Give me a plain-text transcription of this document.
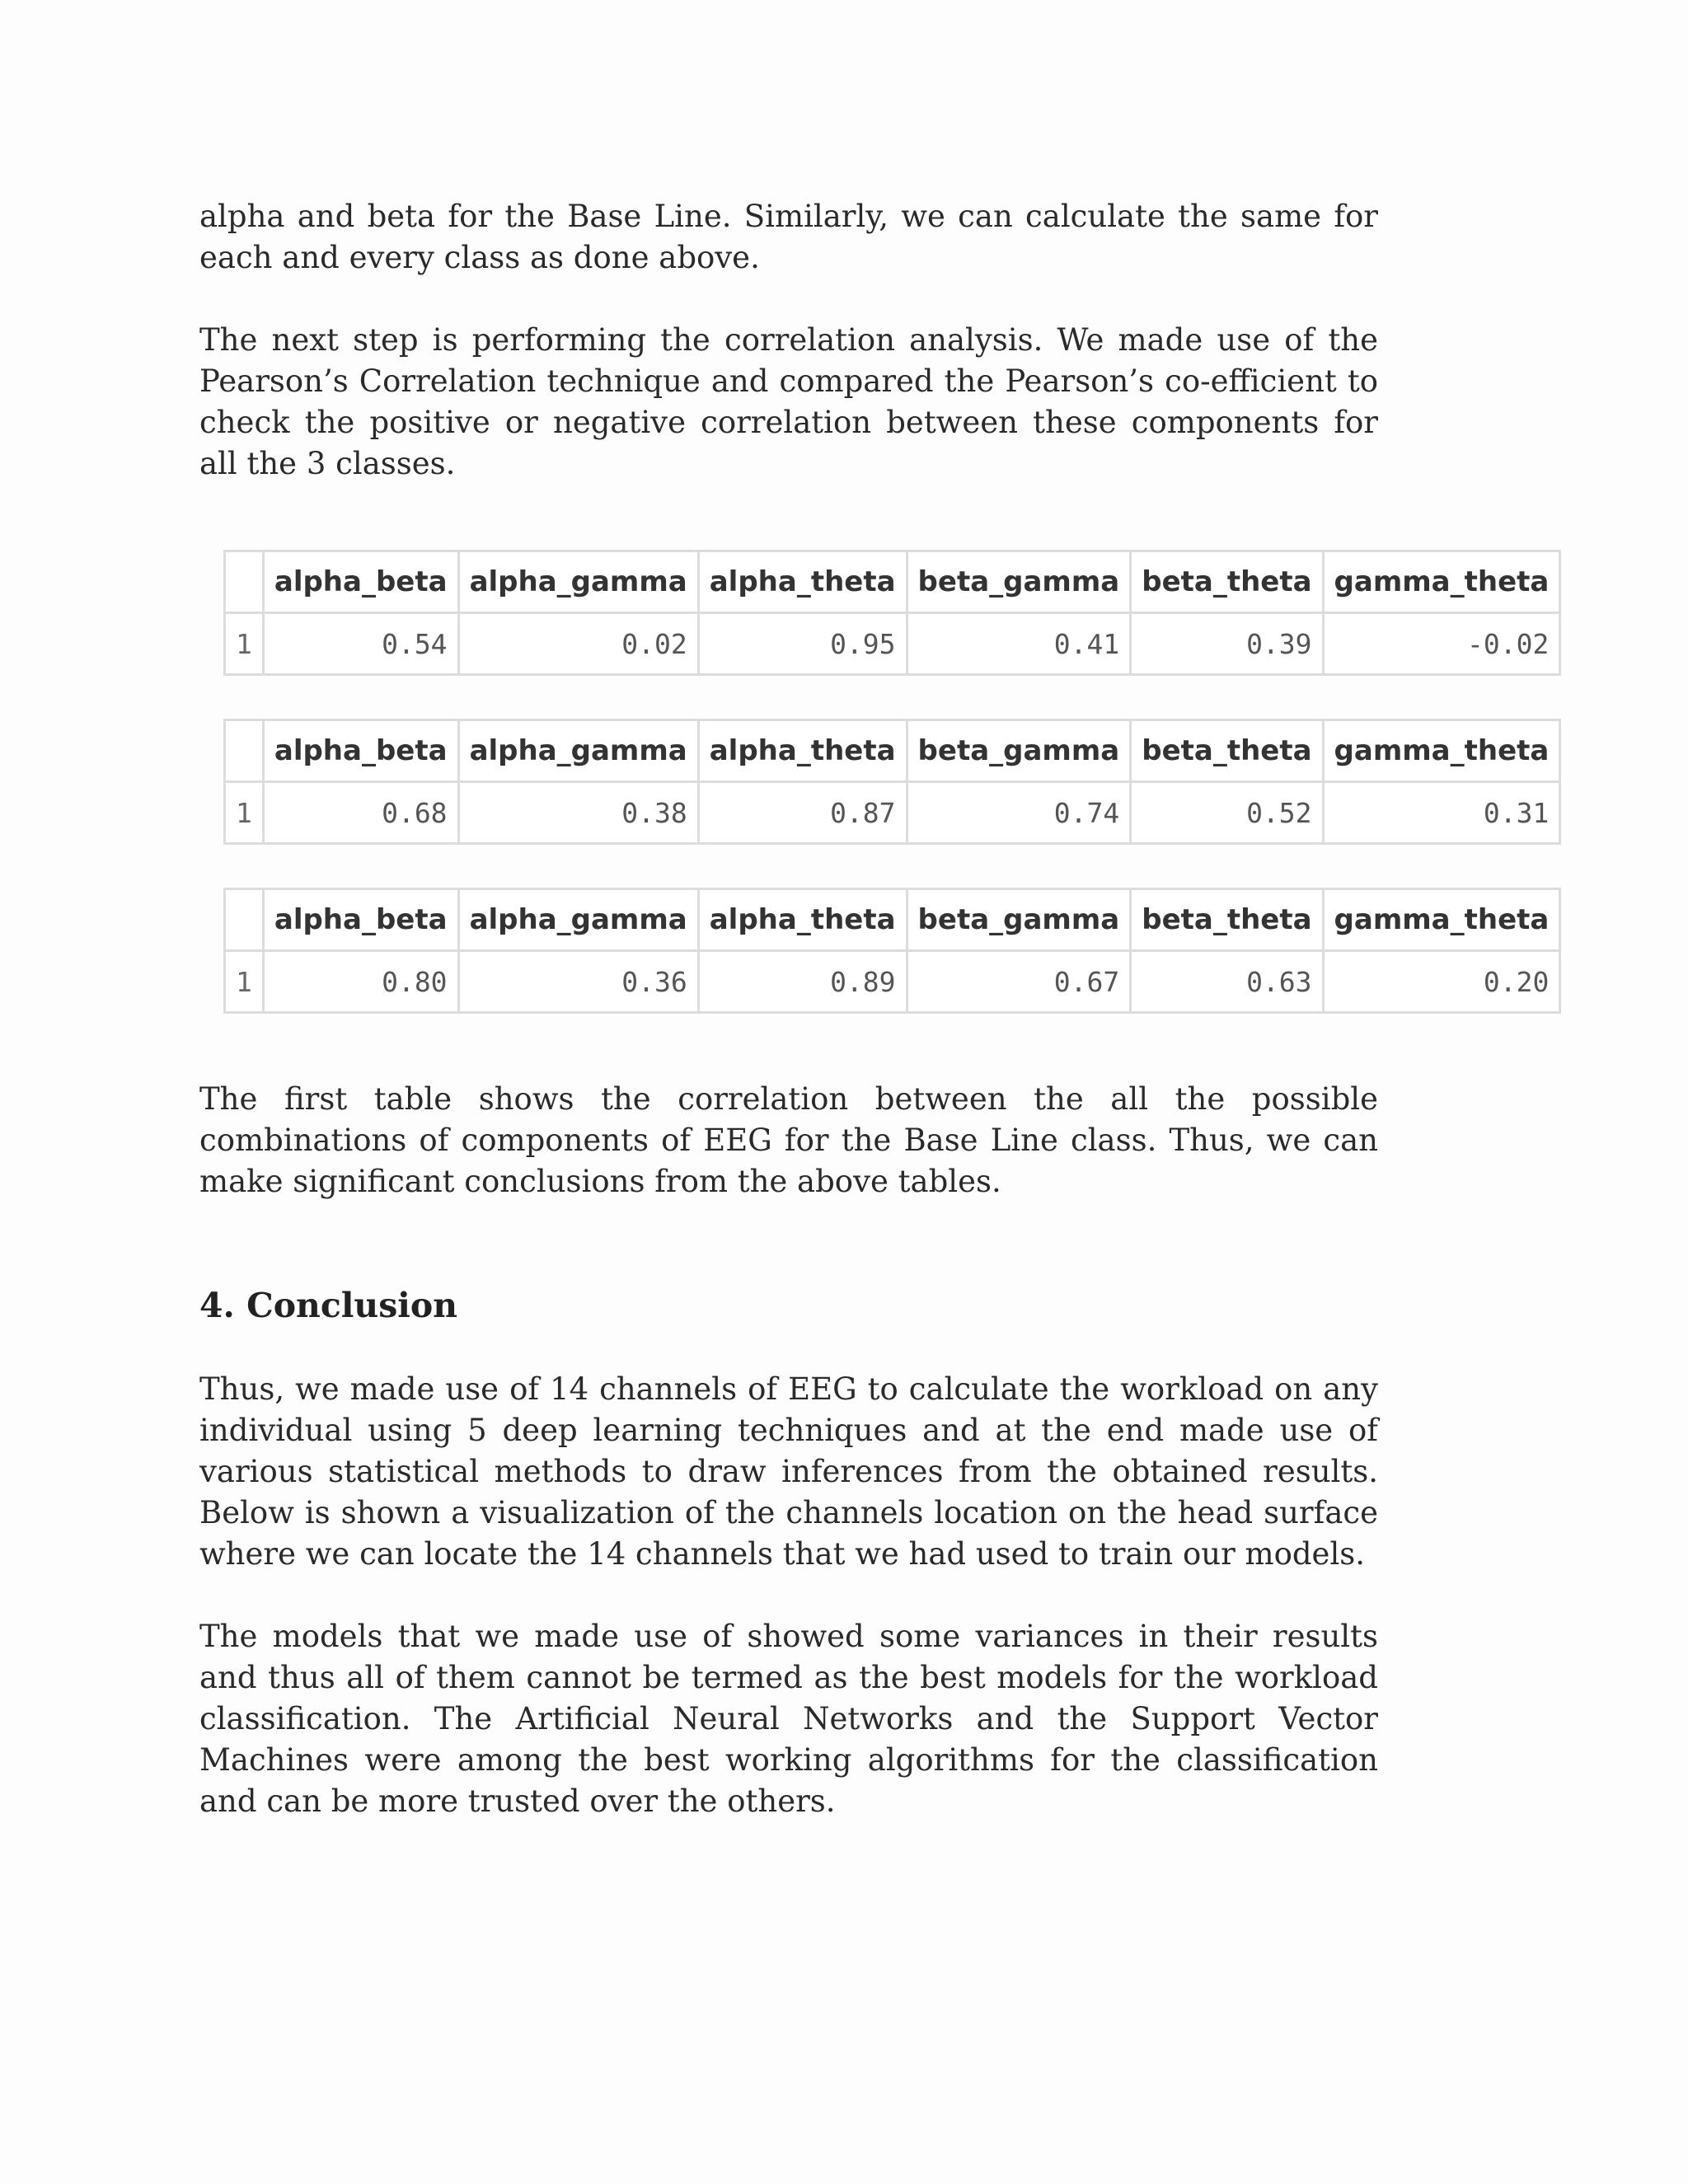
alpha and beta for the Base Line. Similarly, we can calculate the same for each and every class as done above.

The next step is performing the correlation analysis. We made use of the Pearson’s Correlation technique and compared the Pearson’s co-efficient to check the positive or negative correlation between these components for all the 3 classes.

	alpha_beta	alpha_gamma	alpha_theta	beta_gamma	beta_theta	gamma_theta
1	0.54	0.02	0.95	0.41	0.39	-0.02
	alpha_beta	alpha_gamma	alpha_theta	beta_gamma	beta_theta	gamma_theta
1	0.68	0.38	0.87	0.74	0.52	0.31
	alpha_beta	alpha_gamma	alpha_theta	beta_gamma	beta_theta	gamma_theta
1	0.80	0.36	0.89	0.67	0.63	0.20

The first table shows the correlation between the all the possible combinations of components of EEG for the Base Line class. Thus, we can make significant conclusions from the above tables.

4. Conclusion

Thus, we made use of 14 channels of EEG to calculate the workload on any individual using 5 deep learning techniques and at the end made use of various statistical methods to draw inferences from the obtained results. Below is shown a visualization of the channels location on the head surface where we can locate the 14 channels that we had used to train our models.

The models that we made use of showed some variances in their results and thus all of them cannot be termed as the best models for the workload classification. The Artificial Neural Networks and the Support Vector Machines were among the best working algorithms for the classification and can be more trusted over the others.
